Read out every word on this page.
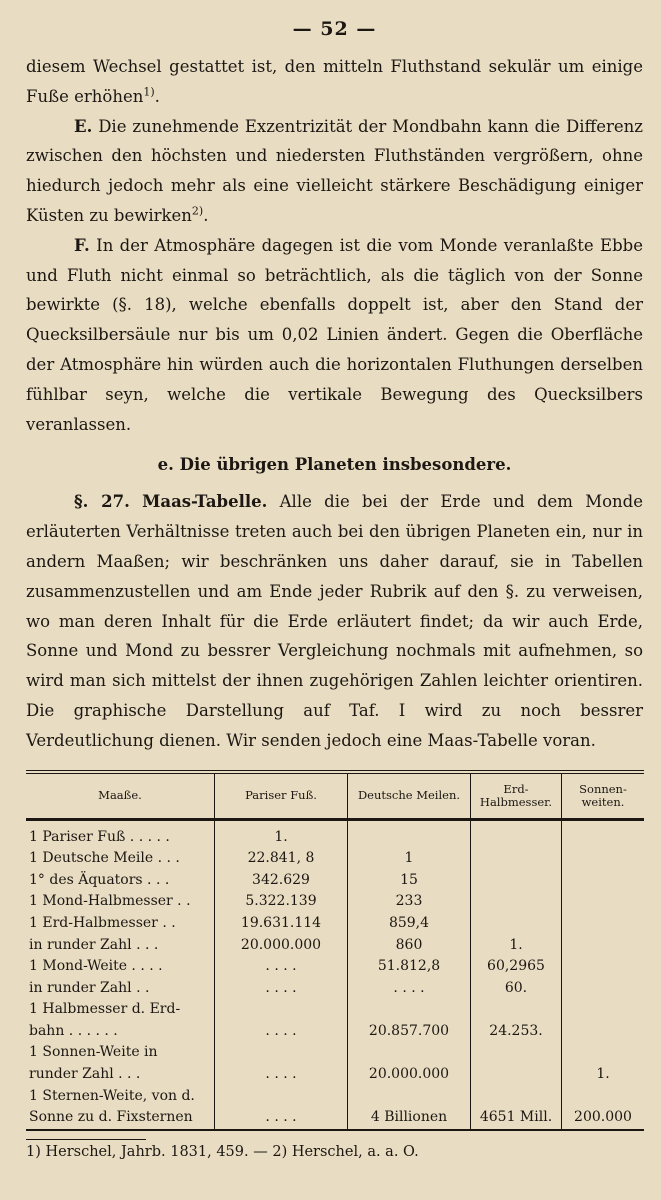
— 52 —

diesem Wechsel gestattet ist, den mitteln Fluthstand sekulär um einige Fuße erhöhen$^{1)}$.

E. Die zunehmende Exzentrizität der Mondbahn kann die Differenz zwischen den höchsten und niedersten Fluthständen vergrößern, ohne hiedurch jedoch mehr als eine vielleicht stärkere Beschädigung einiger Küsten zu bewirken$^{2)}$.

F. In der Atmosphäre dagegen ist die vom Monde veranlaßte Ebbe und Fluth nicht einmal so beträchtlich, als die täglich von der Sonne bewirkte (§. 18), welche ebenfalls doppelt ist, aber den Stand der Quecksilbersäule nur bis um 0,02 Linien ändert. Gegen die Oberfläche der Atmosphäre hin würden auch die horizontalen Fluthungen derselben fühlbar seyn, welche die vertikale Bewegung des Quecksilbers veranlassen.

e. Die übrigen Planeten insbesondere.

§. 27. Maas-Tabelle. Alle die bei der Erde und dem Monde erläuterten Verhältnisse treten auch bei den übrigen Planeten ein, nur in andern Maaßen; wir beschränken uns daher darauf, sie in Tabellen zusammenzustellen und am Ende jeder Rubrik auf den §. zu verweisen, wo man deren Inhalt für die Erde erläutert findet; da wir auch Erde, Sonne und Mond zu bessrer Vergleichung nochmals mit aufnehmen, so wird man sich mittelst der ihnen zugehörigen Zahlen leichter orientiren. Die graphische Darstellung auf Taf. I wird zu noch bessrer Verdeutlichung dienen. Wir senden jedoch eine Maas-Tabelle voran.

Maaße.	Pariser Fuß.	Deutsche Meilen.	Erd-Halbmesser.	Sonnen-weiten.
1 Pariser Fuß . . . . .	1.			
1 Deutsche Meile . . .	22.841, 8	1		
1° des Äquators . . .	342.629	15		
1 Mond-Halbmesser . .	5.322.139	233		
1 Erd-Halbmesser . .	19.631.114	859,4		
in runder Zahl . . .	20.000.000	860	1.	
1 Mond-Weite . . . .	. . . .	51.812,8	60,2965	
in runder Zahl . .	. . . .	. . . .	60.	
1 Halbmesser d. Erd-				
bahn . . . . . .	. . . .	20.857.700	24.253.	
1 Sonnen-Weite in				
runder Zahl . . .	. . . .	20.000.000		1.
1 Sternen-Weite, von d.				
Sonne zu d. Fixsternen	. . . .	4 Billionen	4651 Mill.	200.000
1) Herschel, Jahrb. 1831, 459. — 2) Herschel, a. a. O.
